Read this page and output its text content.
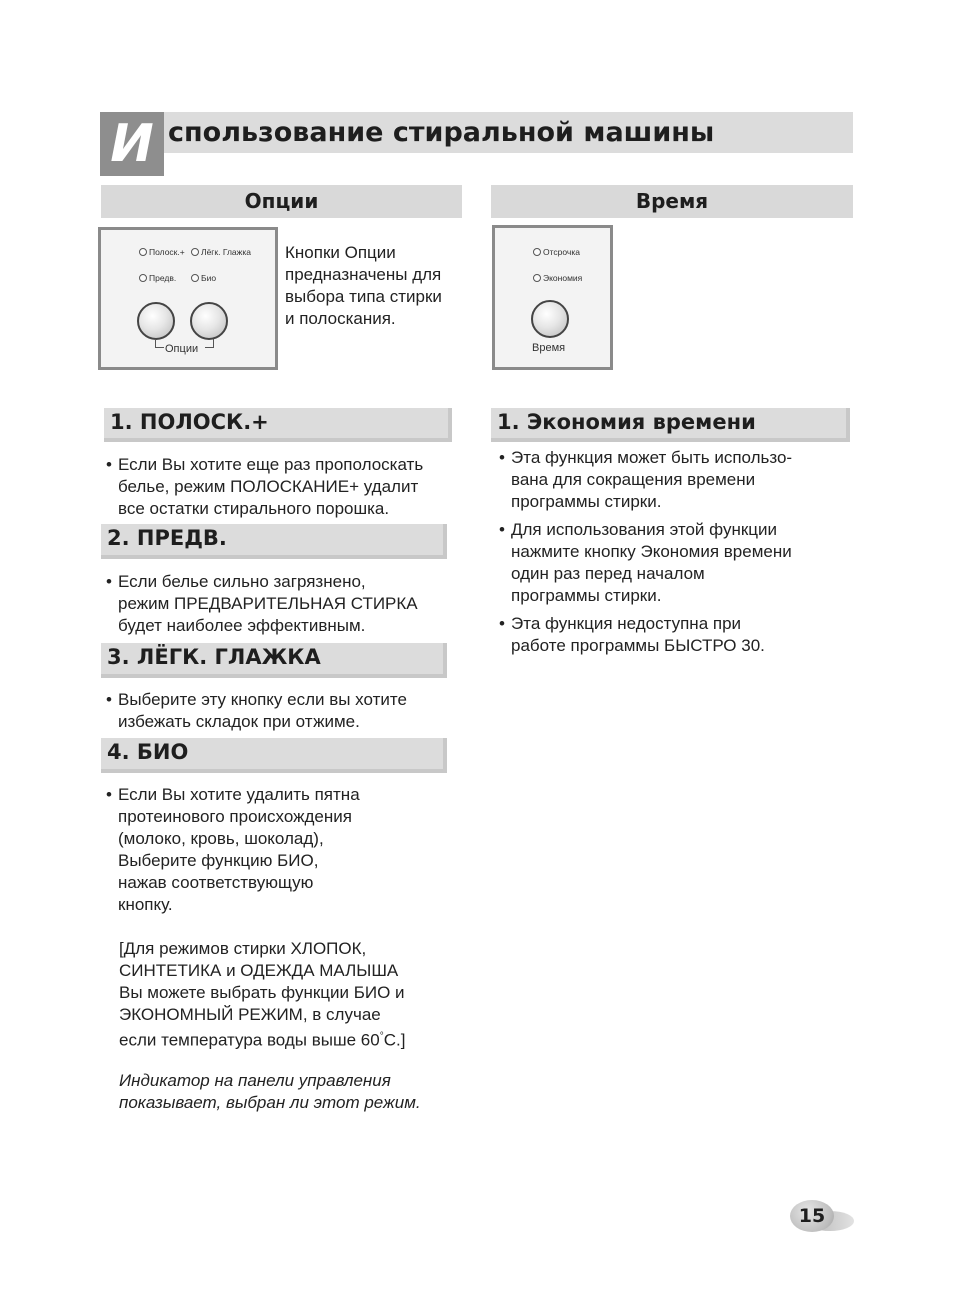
И спользование стиральной машины
Опции
Полоск.+ Лёгк. Глажка
Предв.	Био
Опции
Кнопки Опции
предназначены для
выбора типа стирки
и полоскания.
1. ПОЛОСК.+
• Если Вы хотите еще раз прополоскать
белье, режим ПОЛОСКАНИЕ+ удалит
все остатки стирального порошка.
2. ПРЕДВ.
• Если белье сильно загрязнено,
режим ПРЕДВАРИТЕЛЬНАЯ СТИРКА
будет наиболее эффективным.
3. ЛЁГК. ГЛАЖКА
• Выберите эту кнопку если вы хотите
избежать складок при отжиме.
4. БИО
• Если Вы хотите удалить пятна
протеинового происхождения
(молоко, кровь, шоколад),
Выберите функцию БИО,
нажав соответствующую
кнопку.
[Для режимов стирки ХЛОПОК,
СИНТЕТИКА и ОДЕЖДА МАЛЫША
Вы можете выбрать функции БИО и
ЭКОНОМНЫЙ РЕЖИМ, в случае
если температура воды выше 60°С.]
Индикатор на панели управления
показывает, выбран ли этот режим.
Время
Отсрочка
Экономия
Время
1. Экономия времени
• Эта функция может быть использо-
вана для сокращения времени
программы стирки.
• Для использования этой функции
нажмите кнопку Экономия времени
один раз перед началом
программы стирки.
• Эта функция недоступна при
работе программы БЫСТРО 30.
15
